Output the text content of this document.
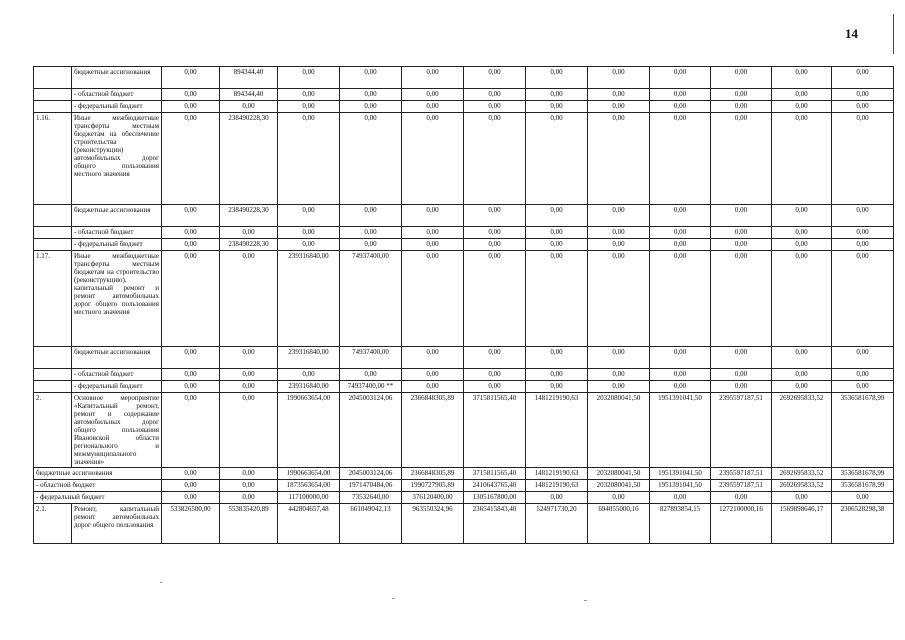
14
	бюджетные ассигнования	0,00	894344,40	0,00	0,00	0,00	0,00	0,00	0,00	0,00	0,00	0,00	0,00
	- областной бюджет	0,00	894344,40	0,00	0,00	0,00	0,00	0,00	0,00	0,00	0,00	0,00	0,00
	- федеральный бюджет	0,00	0,00	0,00	0,00	0,00	0,00	0,00	0,00	0,00	0,00	0,00	0,00
1.16.	Иные межбюджетные трансферты местным бюджетам на обеспечение строительства (реконструкции) автомобильных дорог общего пользования местного значения	0,00	238490228,30	0,00	0,00	0,00	0,00	0,00	0,00	0,00	0,00	0,00	0,00
	бюджетные ассигнования	0,00	238490228,30	0,00	0,00	0,00	0,00	0,00	0,00	0,00	0,00	0,00	0,00
	- областной бюджет	0,00	0,00	0,00	0,00	0,00	0,00	0,00	0,00	0,00	0,00	0,00	0,00
	- федеральный бюджет	0,00	238490228,30	0,00	0,00	0,00	0,00	0,00	0,00	0,00	0,00	0,00	0,00
1.17.	Иные межбюджетные трансферты местным бюджетам на строительство (реконструкцию), капитальный ремонт и ремонт автомобильных дорог общего пользования местного значения	0,00	0,00	239316840,00	74937400,00	0,00	0,00	0,00	0,00	0,00	0,00	0,00	0,00
	бюджетные ассигнования	0,00	0,00	239316840,00	74937400,00	0,00	0,00	0,00	0,00	0,00	0,00	0,00	0,00
	- областной бюджет	0,00	0,00	0,00	0,00	0,00	0,00	0,00	0,00	0,00	0,00	0,00	0,00
	- федеральный бюджет	0,00	0,00	239316840,00	74937400,00 **	0,00	0,00	0,00	0,00	0,00	0,00	0,00	0,00
2.	Основное мероприятие «Капитальный ремонт, ремонт и содержание автомобильных дорог общего пользования Ивановской области регионального и межмуниципального значения»	0,00	0,00	1990663654,00	2045003124,06	2366848305,89	3715811565,40	1481219190,63	2032080041,50	1951391041,50	2395597187,51	2692695833,52	3536581678,99
бюджетные ассигнования		0,00	0,00	1990663654,00	2045003124,06	2366848305,89	3715811565,40	1481219190,63	2032080041,50	1951391041,50	2395597187,51	2692695833,52	3536581678,99
- областной бюджет		0,00	0,00	1873563654,00	1971470484,06	1990727905,89	2410643765,40	1481219190,63	2032080041,50	1951391041,50	2395597187,51	2692695833,52	3536581678,99
- федеральный бюджет		0,00	0,00	117100000,00	73532640,00	376120400,00	1305167800,00	0,00	0,00	0,00	0,00	0,00	0,00
2.1.	Ремонт, капитальный ремонт автомобильных дорог общего пользования	533826500,00	553835420,89	442804657,48	661049042,13	963550324,96	2365415843,40	524971730,20	694055000,16	827893854,15	1272100000,16	1569898646,17	2306528298,38
